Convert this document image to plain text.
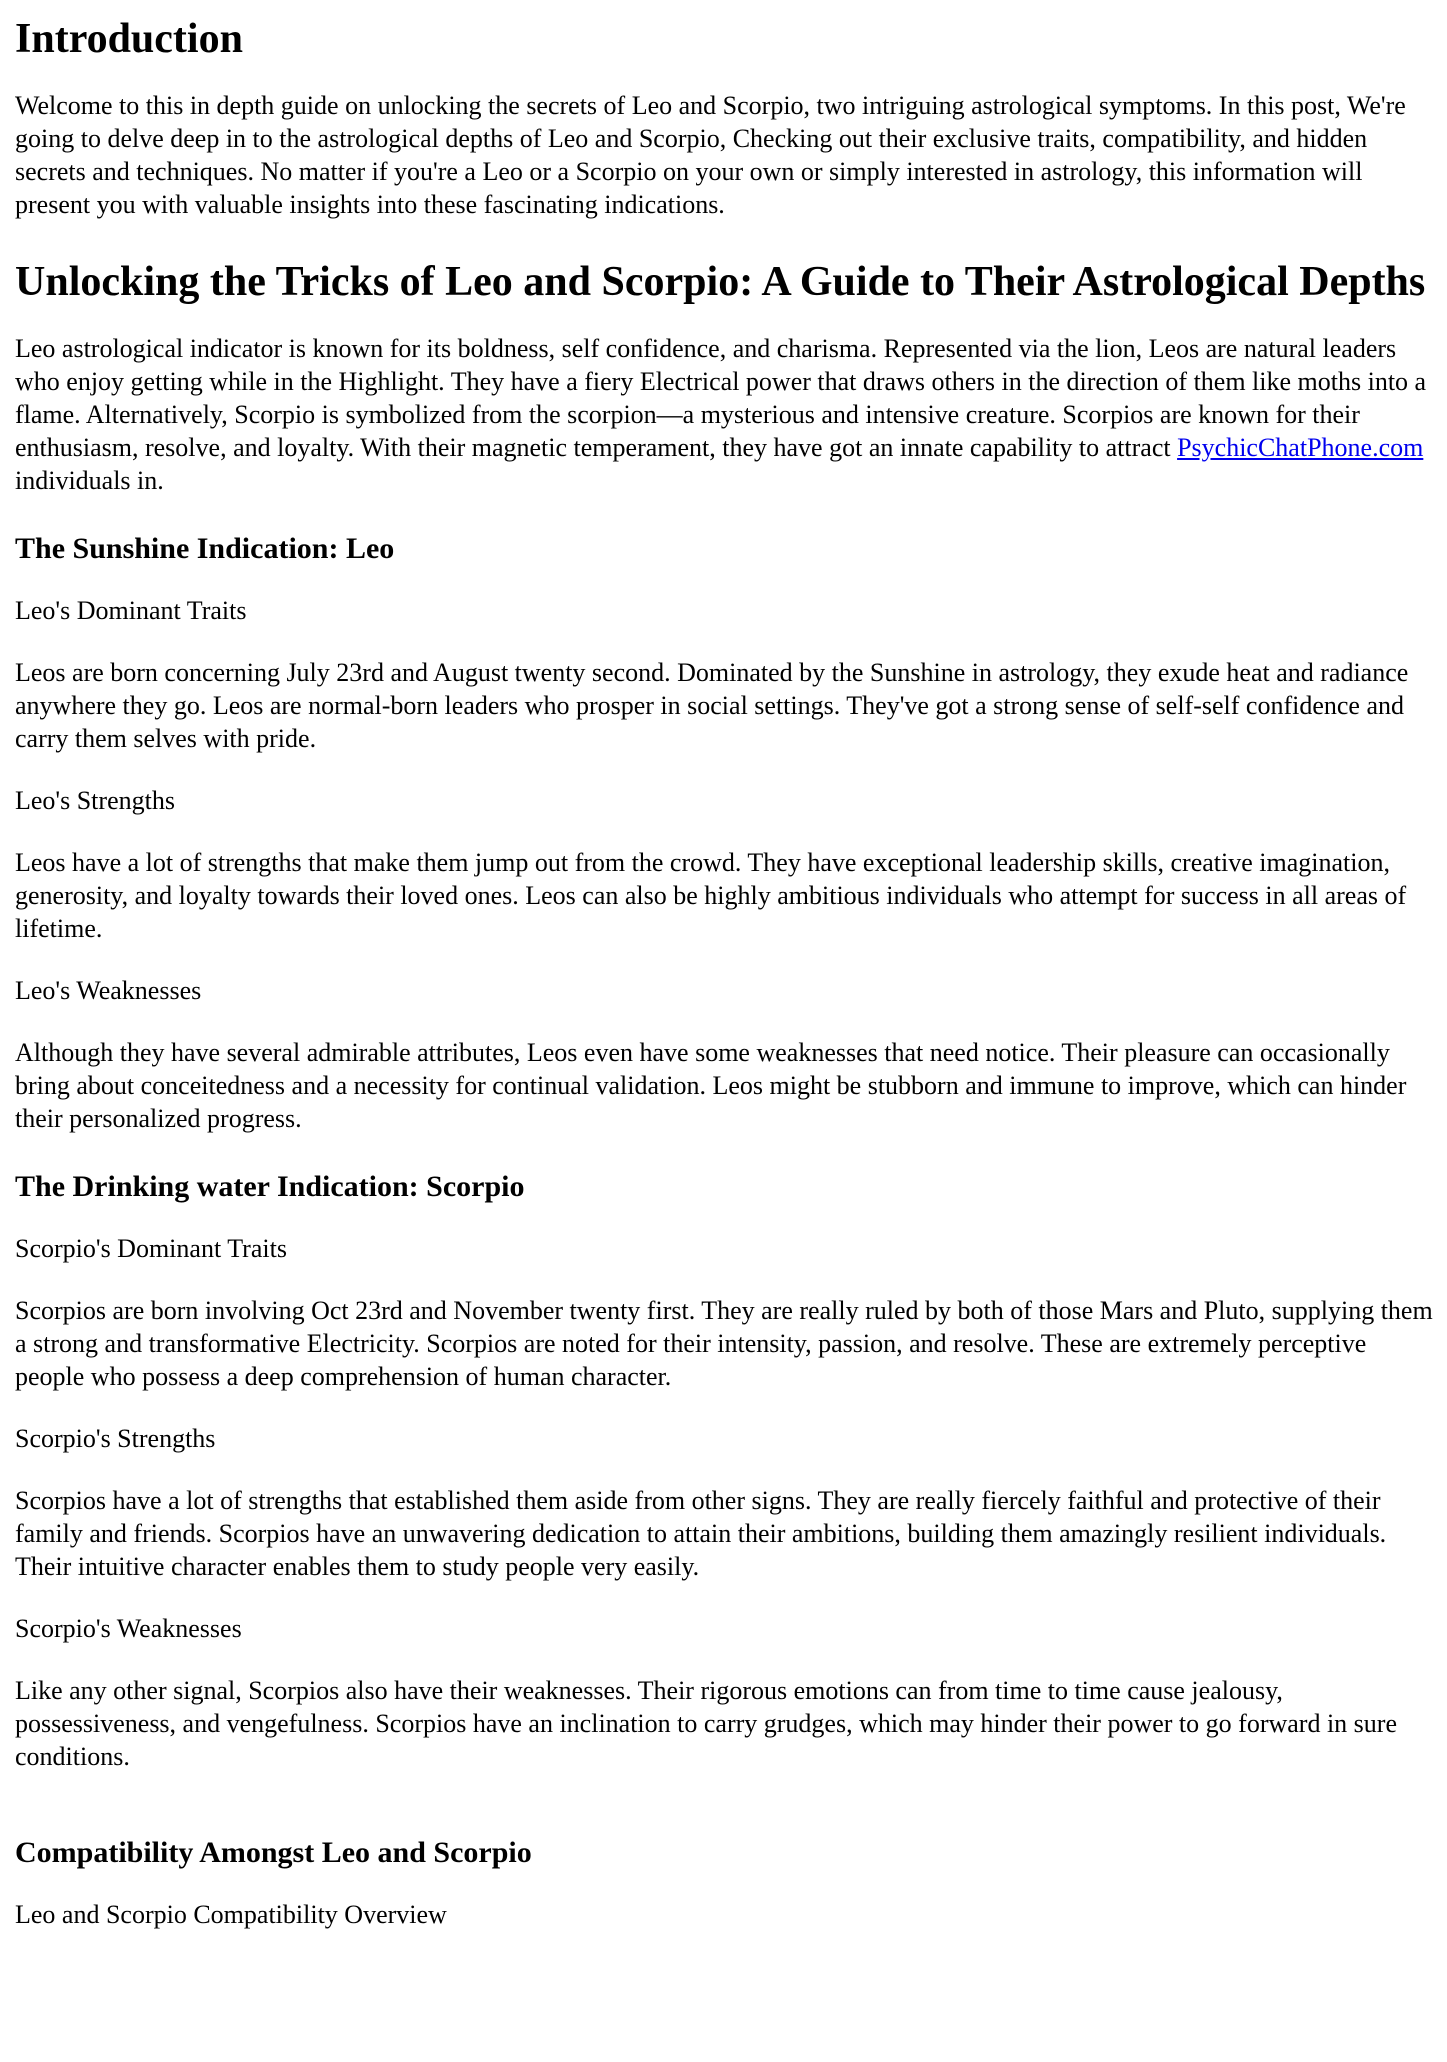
Introduction

Welcome to this in depth guide on unlocking the secrets of Leo and Scorpio, two intriguing astrological symptoms. In this post, We're going to delve deep in to the astrological depths of Leo and Scorpio, Checking out their exclusive traits, compatibility, and hidden secrets and techniques. No matter if you're a Leo or a Scorpio on your own or simply interested in astrology, this information will present you with valuable insights into these fascinating indications.

Unlocking the Tricks of Leo and Scorpio: A Guide to Their Astrological Depths

Leo astrological indicator is known for its boldness, self confidence, and charisma. Represented via the lion, Leos are natural leaders who enjoy getting while in the Highlight. They have a fiery Electrical power that draws others in the direction of them like moths into a flame. Alternatively, Scorpio is symbolized from the scorpion—a mysterious and intensive creature. Scorpios are known for their enthusiasm, resolve, and loyalty. With their magnetic temperament, they have got an innate capability to attract PsychicChatPhone.com individuals in.

The Sunshine Indication: Leo

Leo's Dominant Traits

Leos are born concerning July 23rd and August twenty second. Dominated by the Sunshine in astrology, they exude heat and radiance anywhere they go. Leos are normal-born leaders who prosper in social settings. They've got a strong sense of self-self confidence and carry them selves with pride.

Leo's Strengths

Leos have a lot of strengths that make them jump out from the crowd. They have exceptional leadership skills, creative imagination, generosity, and loyalty towards their loved ones. Leos can also be highly ambitious individuals who attempt for success in all areas of lifetime.

Leo's Weaknesses

Although they have several admirable attributes, Leos even have some weaknesses that need notice. Their pleasure can occasionally bring about conceitedness and a necessity for continual validation. Leos might be stubborn and immune to improve, which can hinder their personalized progress.

The Drinking water Indication: Scorpio

Scorpio's Dominant Traits

Scorpios are born involving Oct 23rd and November twenty first. They are really ruled by both of those Mars and Pluto, supplying them a strong and transformative Electricity. Scorpios are noted for their intensity, passion, and resolve. These are extremely perceptive people who possess a deep comprehension of human character.

Scorpio's Strengths

Scorpios have a lot of strengths that established them aside from other signs. They are really fiercely faithful and protective of their family and friends. Scorpios have an unwavering dedication to attain their ambitions, building them amazingly resilient individuals. Their intuitive character enables them to study people very easily.

Scorpio's Weaknesses

Like any other signal, Scorpios also have their weaknesses. Their rigorous emotions can from time to time cause jealousy, possessiveness, and vengefulness. Scorpios have an inclination to carry grudges, which may hinder their power to go forward in sure conditions.

Compatibility Amongst Leo and Scorpio

Leo and Scorpio Compatibility Overview
